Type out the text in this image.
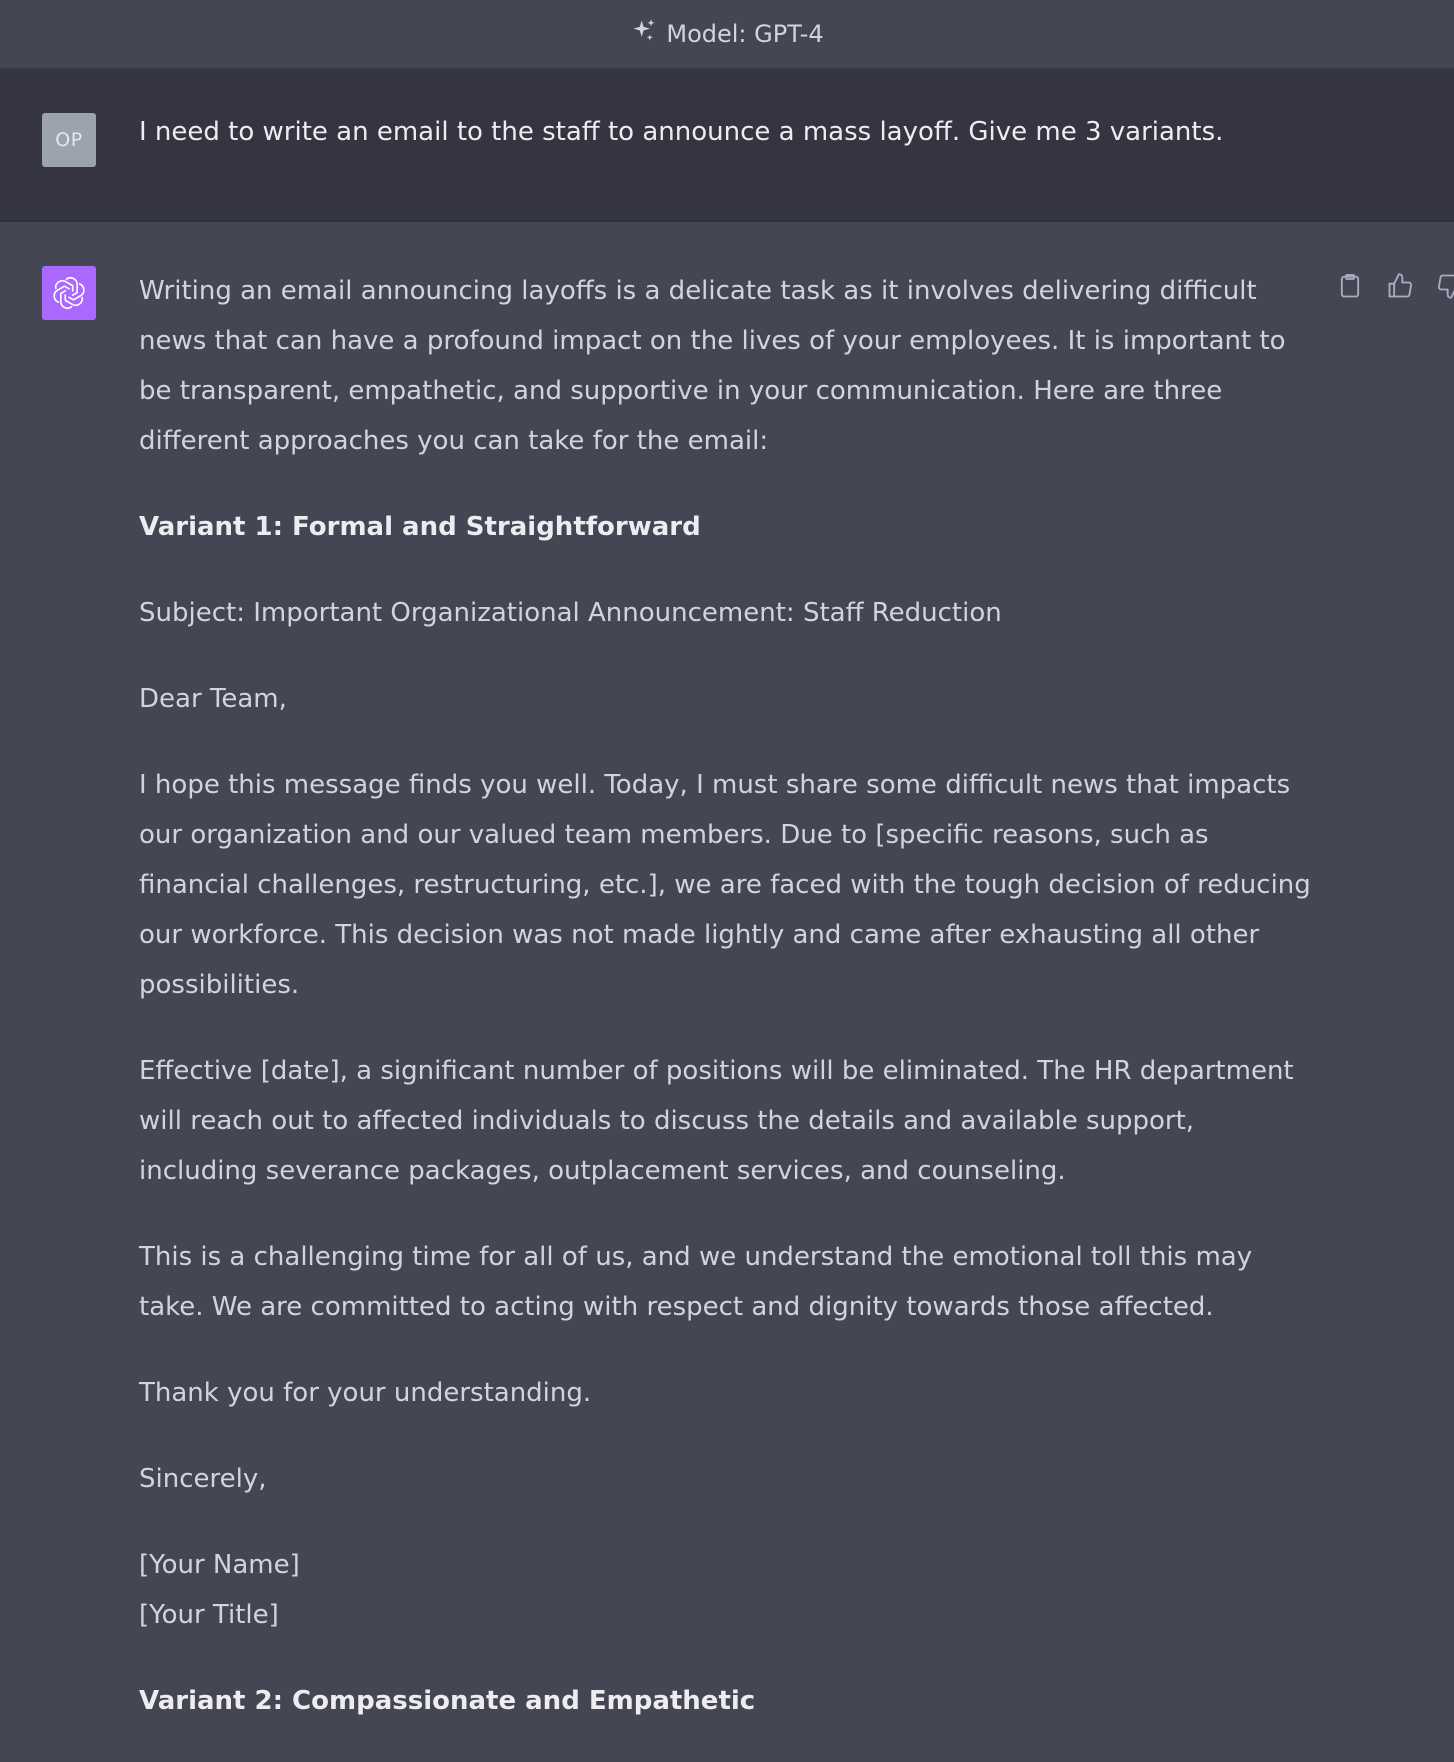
Model: GPT-4
OP	I need to write an email to the staff to announce a mass layoff. Give me 3 variants.

Writing an email announcing layoffs is a delicate task as it involves delivering difficult news that can have a profound impact on the lives of your employees. It is important to be transparent, empathetic, and supportive in your communication. Here are three different approaches you can take for the email:

Variant 1: Formal and Straightforward

Subject: Important Organizational Announcement: Staff Reduction

Dear Team,

I hope this message finds you well. Today, I must share some difficult news that impacts our organization and our valued team members. Due to [specific reasons, such as financial challenges, restructuring, etc.], we are faced with the tough decision of reducing our workforce. This decision was not made lightly and came after exhausting all other possibilities.

Effective [date], a significant number of positions will be eliminated. The HR department will reach out to affected individuals to discuss the details and available support, including severance packages, outplacement services, and counseling.

This is a challenging time for all of us, and we understand the emotional toll this may take. We are committed to acting with respect and dignity towards those affected.

Thank you for your understanding.

Sincerely,

[Your Name]

[Your Title]

Variant 2: Compassionate and Empathetic
